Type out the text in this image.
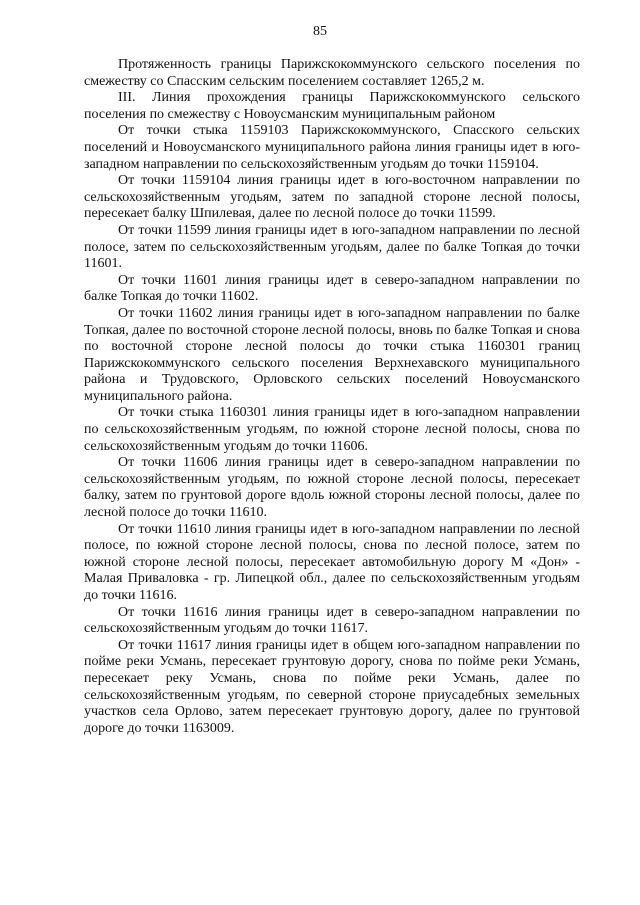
85

Протяженность границы Парижскокоммунского сельского поселения по смежеству со Спасским сельским поселением составляет 1265,2 м.

III. Линия прохождения границы Парижскокоммунского сельского поселения по смежеству с Новоусманским муниципальным районом

От точки стыка 1159103 Парижскокоммунского, Спасского сельских поселений и Новоусманского муниципального района линия границы идет в юго-западном направлении по сельскохозяйственным угодьям до точки 1159104.

От точки 1159104 линия границы идет в юго-восточном направлении по сельскохозяйственным угодьям, затем по западной стороне лесной полосы, пересекает балку Шпилевая, далее по лесной полосе до точки 11599.

От точки 11599 линия границы идет в юго-западном направлении по лесной полосе, затем по сельскохозяйственным угодьям, далее по балке Топкая до точки 11601.

От точки 11601 линия границы идет в северо-западном направлении по балке Топкая до точки 11602.

От точки 11602 линия границы идет в юго-западном направлении по балке Топкая, далее по восточной стороне лесной полосы, вновь по балке Топкая и снова по восточной стороне лесной полосы до точки стыка 1160301 границ Парижскокоммунского сельского поселения Верхнехавского муниципального района и Трудовского, Орловского сельских поселений Новоусманского муниципального района.

От точки стыка 1160301 линия границы идет в юго-западном направлении по сельскохозяйственным угодьям, по южной стороне лесной полосы, снова по сельскохозяйственным угодьям до точки 11606.

От точки 11606 линия границы идет в северо-западном направлении по сельскохозяйственным угодьям, по южной стороне лесной полосы, пересекает балку, затем по грунтовой дороге вдоль южной стороны лесной полосы, далее по лесной полосе до точки 11610.

От точки 11610 линия границы идет в юго-западном направлении по лесной полосе, по южной стороне лесной полосы, снова по лесной полосе, затем по южной стороне лесной полосы, пересекает автомобильную дорогу М «Дон» - Малая Приваловка - гр. Липецкой обл., далее по сельскохозяйственным угодьям до точки 11616.

От точки 11616 линия границы идет в северо-западном направлении по сельскохозяйственным угодьям до точки 11617.

От точки 11617 линия границы идет в общем юго-западном направлении по пойме реки Усмань, пересекает грунтовую дорогу, снова по пойме реки Усмань, пересекает реку Усмань, снова по пойме реки Усмань, далее по сельскохозяйственным угодьям, по северной стороне приусадебных земельных участков села Орлово, затем пересекает грунтовую дорогу, далее по грунтовой дороге до точки 1163009.
